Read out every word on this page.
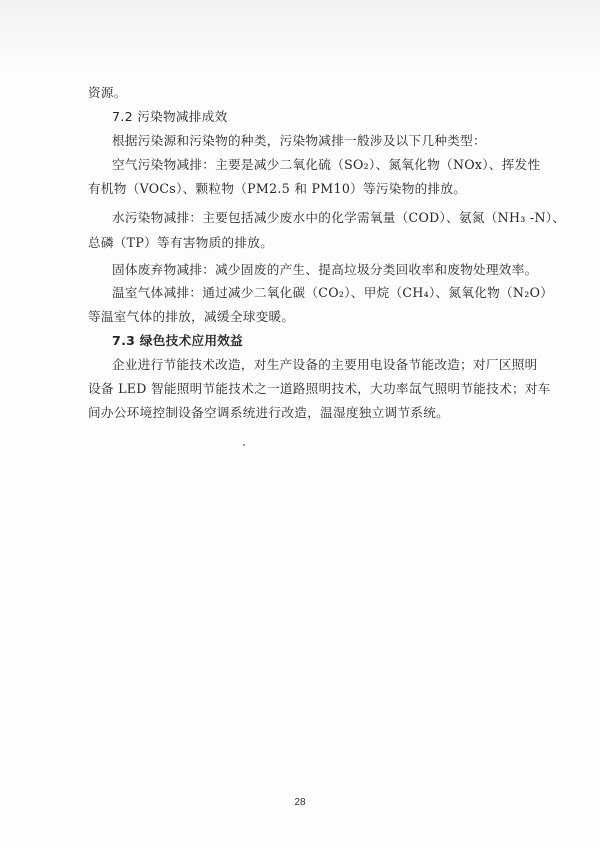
资源。
7.2 污染物减排成效
根据污染源和污染物的种类，污染物减排一般涉及以下几种类型：
空气污染物减排：主要是减少二氧化硫（SO₂）、氮氧化物（NOx）、挥发性
有机物（VOCs）、颗粒物（PM2.5 和 PM10）等污染物的排放。
水污染物减排：主要包括减少废水中的化学需氧量（COD）、氨氮（NH₃ -N）、
总磷（TP）等有害物质的排放。
固体废弃物减排：减少固废的产生、提高垃圾分类回收率和废物处理效率。
温室气体减排：通过减少二氧化碳（CO₂）、甲烷（CH₄）、氮氧化物（N₂O）
等温室气体的排放，减缓全球变暖。
7.3 绿色技术应用效益
企业进行节能技术改造，对生产设备的主要用电设备节能改造；对厂区照明
设备 LED 智能照明节能技术之一道路照明技术，大功率氙气照明节能技术；对车
间办公环境控制设备空调系统进行改造，温湿度独立调节系统。
28
